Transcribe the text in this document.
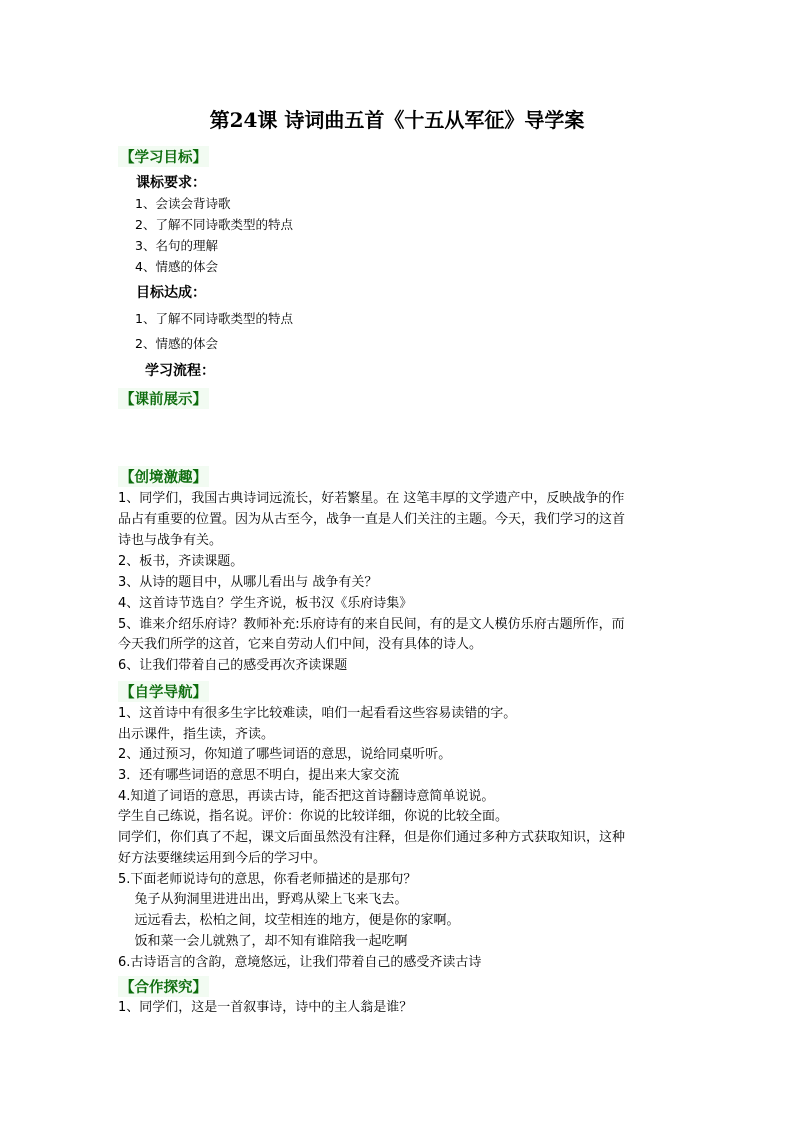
第24课 诗词曲五首《十五从军征》导学案
【学习目标】
课标要求：
1、会读会背诗歌
2、了解不同诗歌类型的特点
3、名句的理解
4、情感的体会
目标达成：
1、了解不同诗歌类型的特点
2、情感的体会
学习流程：
【课前展示】
【创境激趣】
1、同学们，我国古典诗词远流长，好若繁星。在 这笔丰厚的文学遗产中，反映战争的作
品占有重要的位置。因为从古至今，战争一直是人们关注的主题。今天，我们学习的这首
诗也与战争有关。
2、板书，齐读课题。
3、从诗的题目中，从哪儿看出与 战争有关？
4、这首诗节选自？学生齐说，板书汉《乐府诗集》
5、谁来介绍乐府诗？教师补充:乐府诗有的来自民间，有的是文人模仿乐府古题所作，而
今天我们所学的这首，它来自劳动人们中间，没有具体的诗人。
6、让我们带着自己的感受再次齐读课题
【自学导航】
1、这首诗中有很多生字比较难读，咱们一起看看这些容易读错的字。
出示课件，指生读，齐读。
2、通过预习，你知道了哪些词语的意思，说给同桌听听。
3．还有哪些词语的意思不明白，提出来大家交流
4.知道了词语的意思，再读古诗，能否把这首诗翻诗意简单说说。
学生自己练说，指名说。评价：你说的比较详细，你说的比较全面。
同学们，你们真了不起，课文后面虽然没有注释，但是你们通过多种方式获取知识，这种
好方法要继续运用到今后的学习中。
5.下面老师说诗句的意思，你看老师描述的是那句？
兔子从狗洞里进进出出，野鸡从梁上飞来飞去。
远远看去，松柏之间，坟茔相连的地方，便是你的家啊。
饭和菜一会儿就熟了，却不知有谁陪我一起吃啊
6.古诗语言的含韵，意境悠远，让我们带着自己的感受齐读古诗
【合作探究】
1、同学们，这是一首叙事诗，诗中的主人翁是谁？
